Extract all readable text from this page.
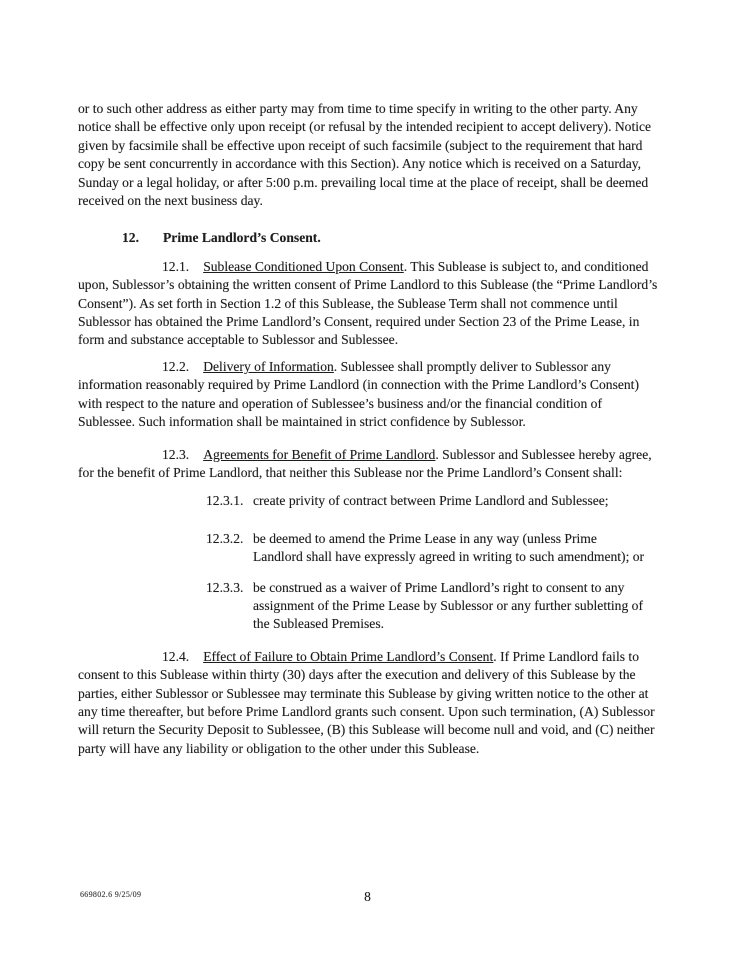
or to such other address as either party may from time to time specify in writing to the other party. Any notice shall be effective only upon receipt (or refusal by the intended recipient to accept delivery). Notice given by facsimile shall be effective upon receipt of such facsimile (subject to the requirement that hard copy be sent concurrently in accordance with this Section). Any notice which is received on a Saturday, Sunday or a legal holiday, or after 5:00 p.m. prevailing local time at the place of receipt, shall be deemed received on the next business day.

12. Prime Landlord’s Consent.

12.1. Sublease Conditioned Upon Consent. This Sublease is subject to, and conditioned upon, Sublessor’s obtaining the written consent of Prime Landlord to this Sublease (the “Prime Landlord’s Consent”). As set forth in Section 1.2 of this Sublease, the Sublease Term shall not commence until Sublessor has obtained the Prime Landlord’s Consent, required under Section 23 of the Prime Lease, in form and substance acceptable to Sublessor and Sublessee.

12.2. Delivery of Information. Sublessee shall promptly deliver to Sublessor any information reasonably required by Prime Landlord (in connection with the Prime Landlord’s Consent) with respect to the nature and operation of Sublessee’s business and/or the financial condition of Sublessee. Such information shall be maintained in strict confidence by Sublessor.

12.3. Agreements for Benefit of Prime Landlord. Sublessor and Sublessee hereby agree, for the benefit of Prime Landlord, that neither this Sublease nor the Prime Landlord’s Consent shall:

12.3.1. create privity of contract between Prime Landlord and Sublessee;
12.3.2. be deemed to amend the Prime Lease in any way (unless Prime Landlord shall have expressly agreed in writing to such amendment); or
12.3.3. be construed as a waiver of Prime Landlord’s right to consent to any assignment of the Prime Lease by Sublessor or any further subletting of the Subleased Premises.

12.4. Effect of Failure to Obtain Prime Landlord’s Consent. If Prime Landlord fails to consent to this Sublease within thirty (30) days after the execution and delivery of this Sublease by the parties, either Sublessor or Sublessee may terminate this Sublease by giving written notice to the other at any time thereafter, but before Prime Landlord grants such consent. Upon such termination, (A) Sublessor will return the Security Deposit to Sublessee, (B) this Sublease will become null and void, and (C) neither party will have any liability or obligation to the other under this Sublease.

669802.6 9/25/09	8
